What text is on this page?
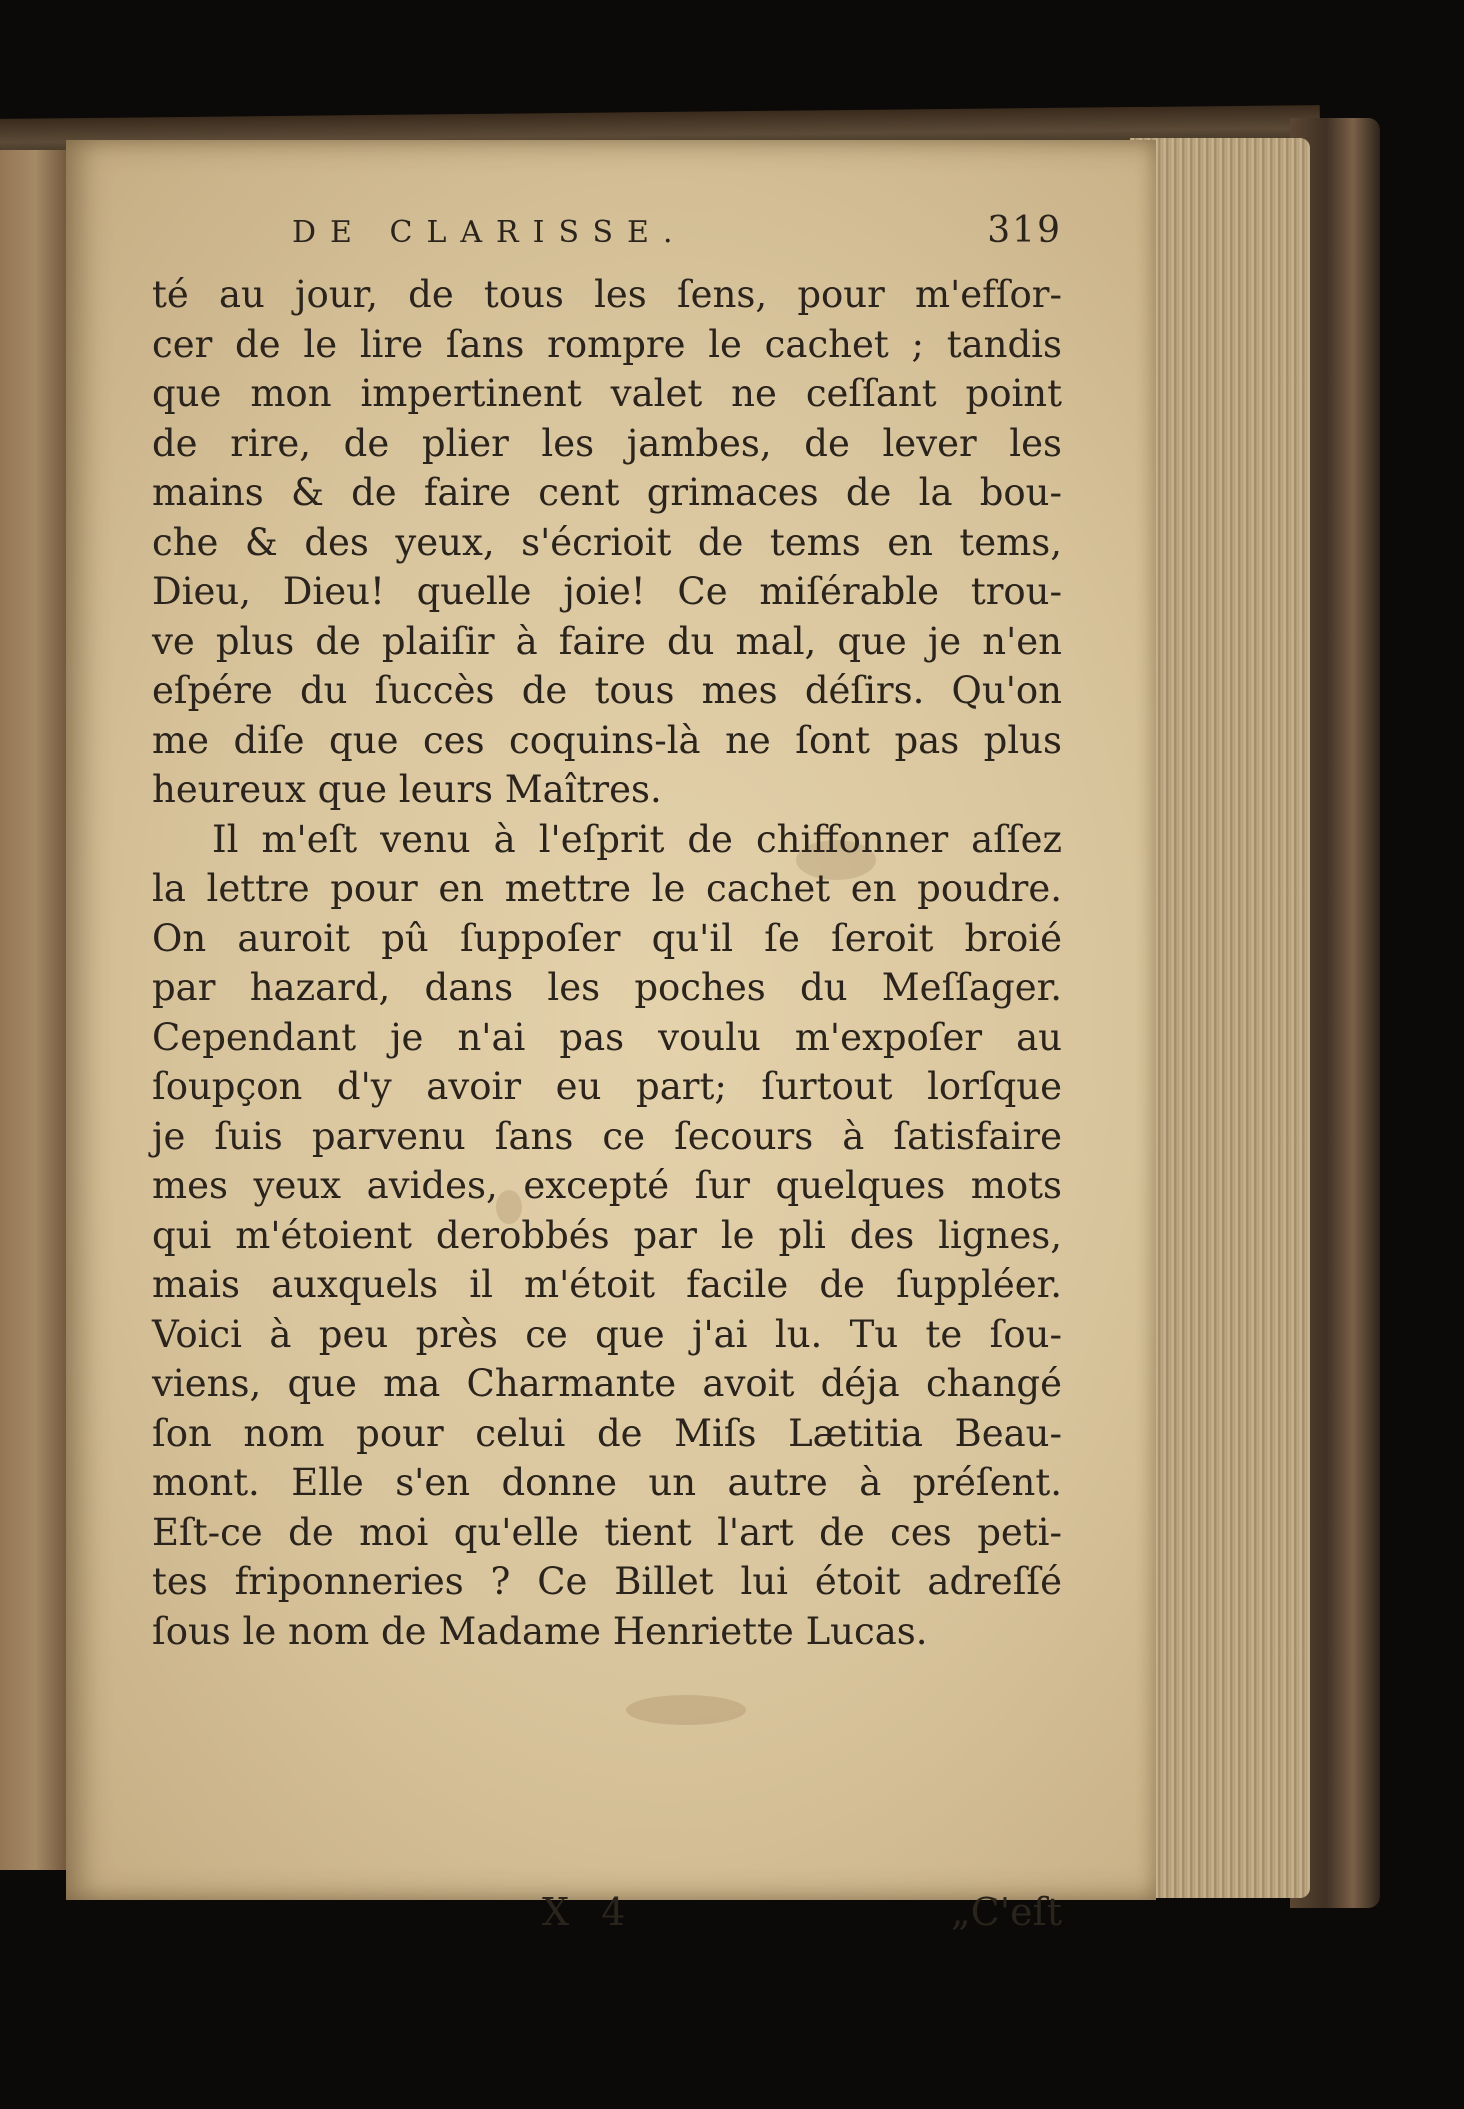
DE CLARISSE.	319
té au jour, de tous les ſens, pour m'efſor-
cer de le lire ſans rompre le cachet ; tandis
que mon impertinent valet ne ceſſant point
de rire, de plier les jambes, de lever les
mains & de faire cent grimaces de la bou-
che & des yeux, s'écrioit de tems en tems,
Dieu, Dieu! quelle joie! Ce miſérable trou-
ve plus de plaiſir à faire du mal, que je n'en
eſpére du ſuccès de tous mes déſirs. Qu'on
me diſe que ces coquins-là ne ſont pas plus
heureux que leurs Maîtres.
Il m'eſt venu à l'eſprit de chiffonner aſſez
la lettre pour en mettre le cachet en poudre.
On auroit pû ſuppoſer qu'il ſe ſeroit broié
par hazard, dans les poches du Meſſager.
Cependant je n'ai pas voulu m'expoſer au
ſoupçon d'y avoir eu part; ſurtout lorſque
je ſuis parvenu ſans ce ſecours à ſatisfaire
mes yeux avides, excepté ſur quelques mots
qui m'étoient derobbés par le pli des lignes,
mais auxquels il m'étoit facile de ſuppléer.
Voici à peu près ce que j'ai lu. Tu te ſou-
viens, que ma Charmante avoit déja changé
ſon nom pour celui de Miſs Lætitia Beau-
mont. Elle s'en donne un autre à préſent.
Eſt-ce de moi qu'elle tient l'art de ces peti-
tes friponneries ? Ce Billet lui étoit adreſſé
ſous le nom de Madame Henriette Lucas.
X 4	„C'eſt
